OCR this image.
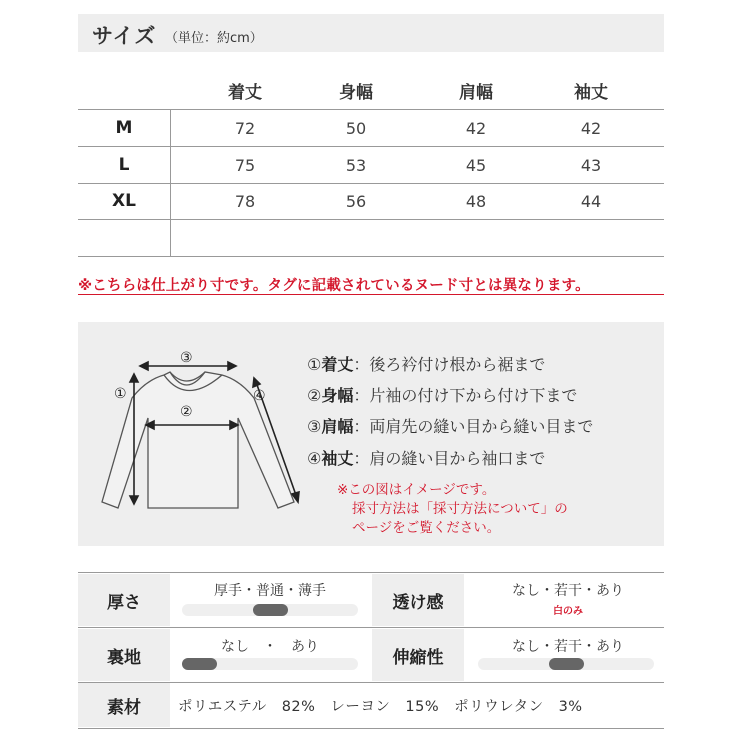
サイズ （単位：約cm）
着丈	身幅	肩幅	袖丈
M	72	50	42	42
L	75	53	45	43
XL	78	56	48	44
※こちらは仕上がり寸です。タグに記載されているヌード寸とは異なります。
③
②
①	④
①着丈：後ろ衿付け根から裾まで
②身幅：片袖の付け下から付け下まで
③肩幅：両肩先の縫い目から縫い目まで
④袖丈：肩の縫い目から袖口まで
※この図はイメージです。
採寸方法は「採寸方法について」の
ページをご覧ください。
厚さ
厚手・普通・薄手
透け感
なし・若干・あり
白のみ
裏地
なし　・　あり
伸縮性
なし・若干・あり
素材	ポリエステル　82%　レーヨン　15%　ポリウレタン　3%
